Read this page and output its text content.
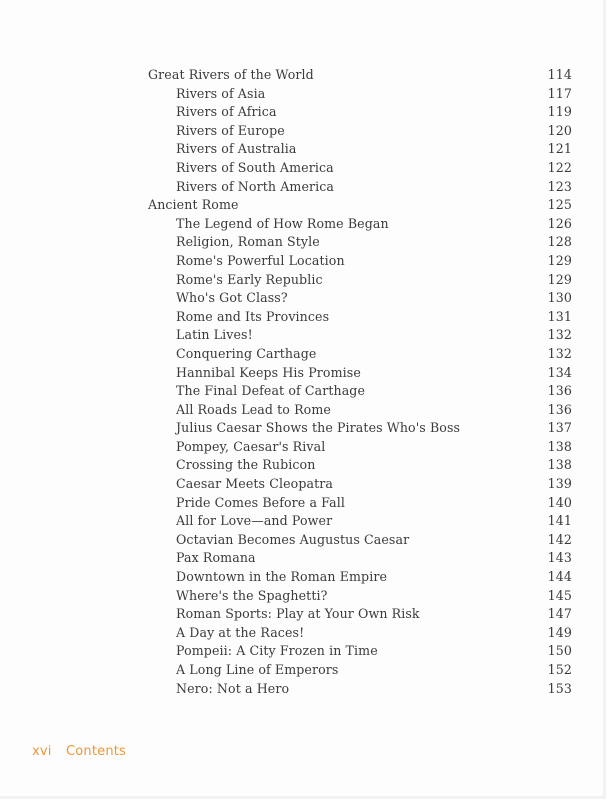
Great Rivers of the World	114
Rivers of Asia	117
Rivers of Africa	119
Rivers of Europe	120
Rivers of Australia	121
Rivers of South America	122
Rivers of North America	123
Ancient Rome	125
The Legend of How Rome Began	126
Religion, Roman Style	128
Rome's Powerful Location	129
Rome's Early Republic	129
Who's Got Class?	130
Rome and Its Provinces	131
Latin Lives!	132
Conquering Carthage	132
Hannibal Keeps His Promise	134
The Final Defeat of Carthage	136
All Roads Lead to Rome	136
Julius Caesar Shows the Pirates Who's Boss	137
Pompey, Caesar's Rival	138
Crossing the Rubicon	138
Caesar Meets Cleopatra	139
Pride Comes Before a Fall	140
All for Love—and Power	141
Octavian Becomes Augustus Caesar	142
Pax Romana	143
Downtown in the Roman Empire	144
Where's the Spaghetti?	145
Roman Sports: Play at Your Own Risk	147
A Day at the Races!	149
Pompeii: A City Frozen in Time	150
A Long Line of Emperors	152
Nero: Not a Hero	153
xvi Contents
